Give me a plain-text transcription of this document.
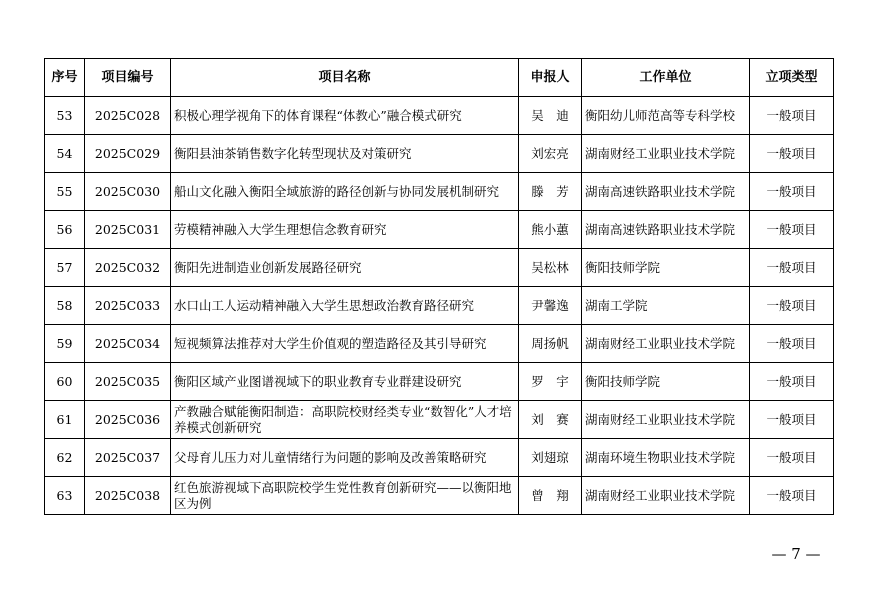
序号	项目编号	项目名称	申报人	工作单位	立项类型
53	2025C028	积极心理学视角下的体育课程“体教心”融合模式研究	吴　迪	衡阳幼儿师范高等专科学校	一般项目
54	2025C029	衡阳县油茶销售数字化转型现状及对策研究	刘宏亮	湖南财经工业职业技术学院	一般项目
55	2025C030	船山文化融入衡阳全域旅游的路径创新与协同发展机制研究	滕　芳	湖南高速铁路职业技术学院	一般项目
56	2025C031	劳模精神融入大学生理想信念教育研究	熊小蕙	湖南高速铁路职业技术学院	一般项目
57	2025C032	衡阳先进制造业创新发展路径研究	吴松林	衡阳技师学院	一般项目
58	2025C033	水口山工人运动精神融入大学生思想政治教育路径研究	尹馨逸	湖南工学院	一般项目
59	2025C034	短视频算法推荐对大学生价值观的塑造路径及其引导研究	周扬帆	湖南财经工业职业技术学院	一般项目
60	2025C035	衡阳区域产业图谱视域下的职业教育专业群建设研究	罗　宇	衡阳技师学院	一般项目
61	2025C036	产教融合赋能衡阳制造：高职院校财经类专业“数智化”人才培养模式创新研究	刘　赛	湖南财经工业职业技术学院	一般项目
62	2025C037	父母育儿压力对儿童情绪行为问题的影响及改善策略研究	刘翅琼	湖南环境生物职业技术学院	一般项目
63	2025C038	红色旅游视域下高职院校学生党性教育创新研究——以衡阳地区为例	曾　翔	湖南财经工业职业技术学院	一般项目
— 7 —
